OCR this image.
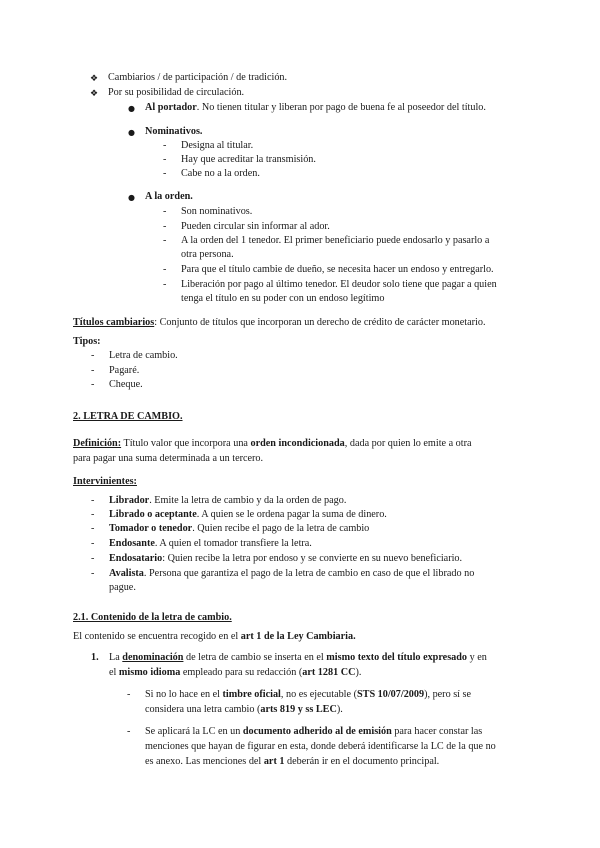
❖ Cambiarios / de participación / de tradición.
❖ Por su posibilidad de circulación.
● Al portador. No tienen titular y liberan por pago de buena fe al poseedor del título.
● Nominativos.
- Designa al titular.
- Hay que acreditar la transmisión.
- Cabe no a la orden.
● A la orden.
- Son nominativos.
- Pueden circular sin informar al ador.
- A la orden del 1 tenedor. El primer beneficiario puede endosarlo y pasarlo a
otra persona.
- Para que el título cambie de dueño, se necesita hacer un endoso y entregarlo.
- Liberación por pago al último tenedor. El deudor solo tiene que pagar a quien
tenga el título en su poder con un endoso legítimo
Títulos cambiarios: Conjunto de títulos que incorporan un derecho de crédito de carácter monetario.
Tipos:
- Letra de cambio.
- Pagaré.
- Cheque.
2. LETRA DE CAMBIO.
Definición: Título valor que incorpora una orden incondicionada, dada por quien lo emite a otra
para pagar una suma determinada a un tercero.
Intervinientes:
- Librador. Emite la letra de cambio y da la orden de pago.
- Librado o aceptante. A quien se le ordena pagar la suma de dinero.
- Tomador o tenedor. Quien recibe el pago de la letra de cambio
- Endosante. A quien el tomador transfiere la letra.
- Endosatario: Quien recibe la letra por endoso y se convierte en su nuevo beneficiario.
- Avalista. Persona que garantiza el pago de la letra de cambio en caso de que el librado no
pague.
2.1. Contenido de la letra de cambio.
El contenido se encuentra recogido en el art 1 de la Ley Cambiaria.
1. La denominación de letra de cambio se inserta en el mismo texto del título expresado y en
el mismo idioma empleado para su redacción (art 1281 CC).
- Si no lo hace en el timbre oficial, no es ejecutable (STS 10/07/2009), pero sí se
considera una letra cambio (arts 819 y ss LEC).
- Se aplicará la LC en un documento adherido al de emisión para hacer constar las
menciones que hayan de figurar en esta, donde deberá identificarse la LC de la que no
es anexo. Las menciones del art 1 deberán ir en el documento principal.
